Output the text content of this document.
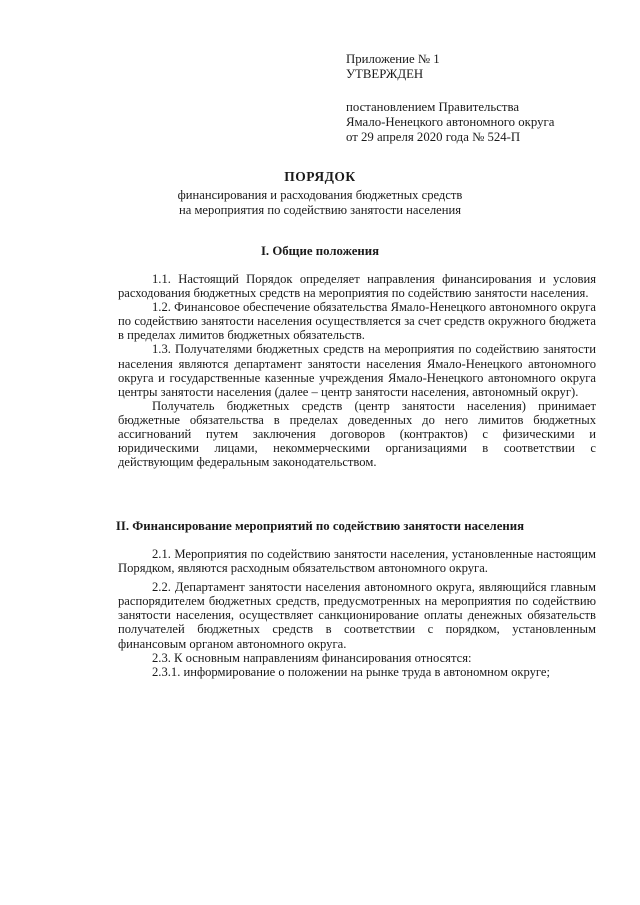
Приложение № 1
УТВЕРЖДЕН
постановлением Правительства
Ямало-Ненецкого автономного округа
от 29 апреля 2020 года № 524-П
ПОРЯДОК
финансирования и расходования бюджетных средств
на мероприятия по содействию занятости населения
I. Общие положения

1.1. Настоящий Порядок определяет направления финансирования и условия расходования бюджетных средств на мероприятия по содействию занятости населения.

1.2. Финансовое обеспечение обязательства Ямало-Ненецкого автономного округа по содействию занятости населения осуществляется за счет средств окружного бюджета в пределах лимитов бюджетных обязательств.

1.3. Получателями бюджетных средств на мероприятия по содействию занятости населения являются департамент занятости населения Ямало-Ненецкого автономного округа и государственные казенные учреждения Ямало-Ненецкого автономного округа центры занятости населения (далее – центр занятости населения, автономный округ).

Получатель бюджетных средств (центр занятости населения) принимает бюджетные обязательства в пределах доведенных до него лимитов бюджетных ассигнований путем заключения договоров (контрактов) с физическими и юридическими лицами, некоммерческими организациями в соответствии с действующим федеральным законодательством.

II. Финансирование мероприятий по содействию занятости населения

2.1. Мероприятия по содействию занятости населения, установленные настоящим Порядком, являются расходным обязательством автономного округа.

2.2. Департамент занятости населения автономного округа, являющийся главным распорядителем бюджетных средств, предусмотренных на мероприятия по содействию занятости населения, осуществляет санкционирование оплаты денежных обязательств получателей бюджетных средств в соответствии с порядком, установленным финансовым органом автономного округа.

2.3. К основным направлениям финансирования относятся:

2.3.1. информирование о положении на рынке труда в автономном округе;
